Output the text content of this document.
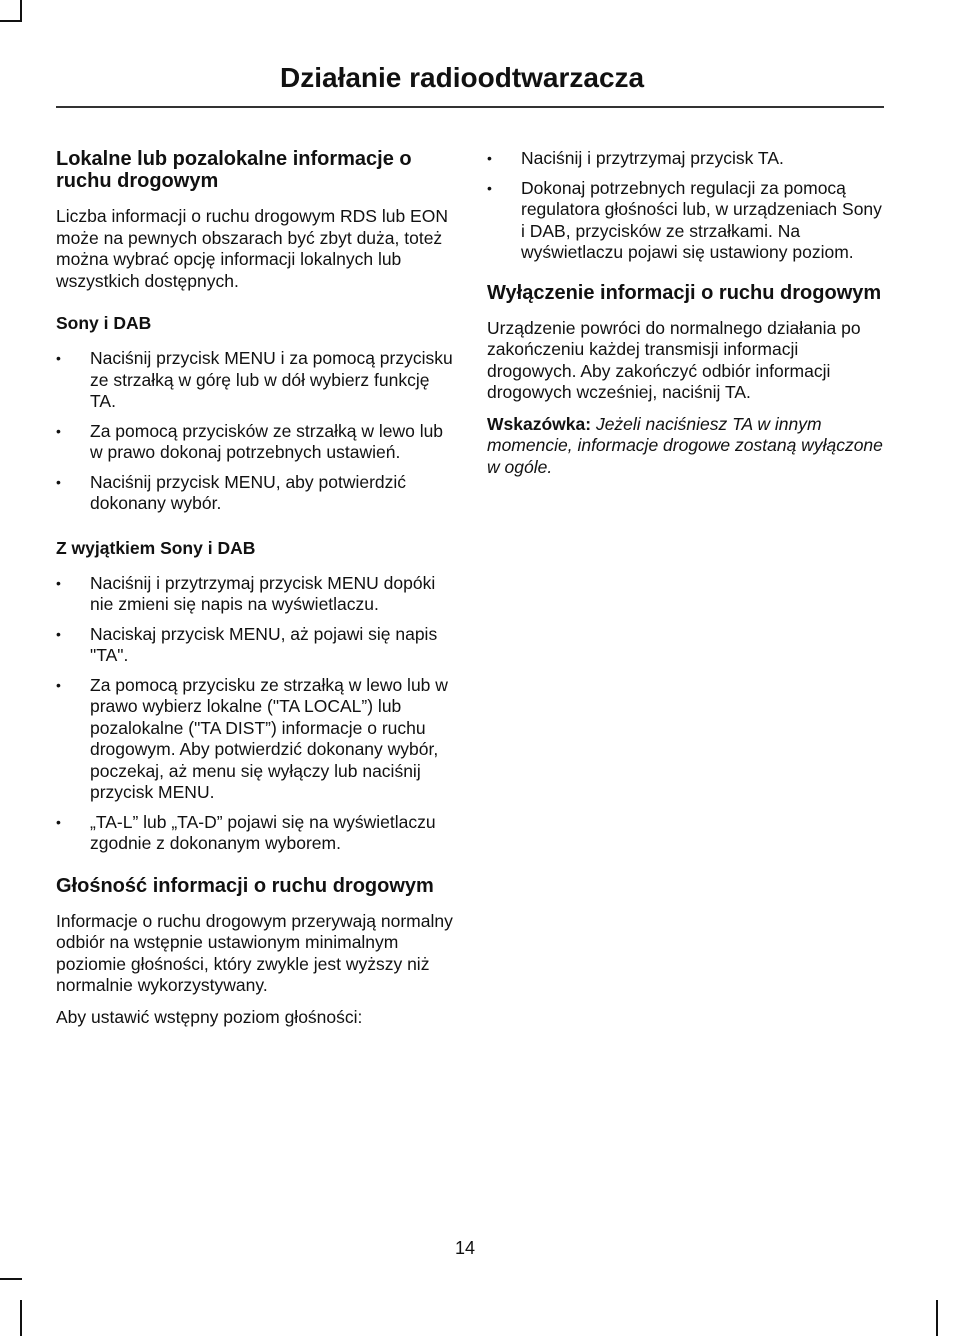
Działanie radioodtwarzacza
Lokalne lub pozalokalne informacje o ruchu drogowym

Liczba informacji o ruchu drogowym RDS lub EON może na pewnych obszarach być zbyt duża, toteż można wybrać opcję informacji lokalnych lub wszystkich dostępnych.

Sony i DAB
• Naciśnij przycisk MENU i za pomocą przycisku ze strzałką w górę lub w dół wybierz funkcję TA.
• Za pomocą przycisków ze strzałką w lewo lub w prawo dokonaj potrzebnych ustawień.
• Naciśnij przycisk MENU, aby potwierdzić dokonany wybór.
Z wyjątkiem Sony i DAB
• Naciśnij i przytrzymaj przycisk MENU dopóki nie zmieni się napis na wyświetlaczu.
• Naciskaj przycisk MENU, aż pojawi się napis "TA".
• Za pomocą przycisku ze strzałką w lewo lub w prawo wybierz lokalne ("TA LOCAL”) lub pozalokalne ("TA DIST”) informacje o ruchu drogowym. Aby potwierdzić dokonany wybór, poczekaj, aż menu się wyłączy lub naciśnij przycisk MENU.
• „TA-L” lub „TA-D” pojawi się na wyświetlaczu zgodnie z dokonanym wyborem.
Głośność informacji o ruchu drogowym

Informacje o ruchu drogowym przerywają normalny odbiór na wstępnie ustawionym minimalnym poziomie głośności, który zwykle jest wyższy niż normalnie wykorzystywany.

Aby ustawić wstępny poziom głośności:

• Naciśnij i przytrzymaj przycisk TA.
• Dokonaj potrzebnych regulacji za pomocą regulatora głośności lub, w urządzeniach Sony i DAB, przycisków ze strzałkami. Na wyświetlaczu pojawi się ustawiony poziom.
Wyłączenie informacji o ruchu drogowym

Urządzenie powróci do normalnego działania po zakończeniu każdej transmisji informacji drogowych. Aby zakończyć odbiór informacji drogowych wcześniej, naciśnij TA.

Wskazówka: Jeżeli naciśniesz TA w innym momencie, informacje drogowe zostaną wyłączone w ogóle.

14
